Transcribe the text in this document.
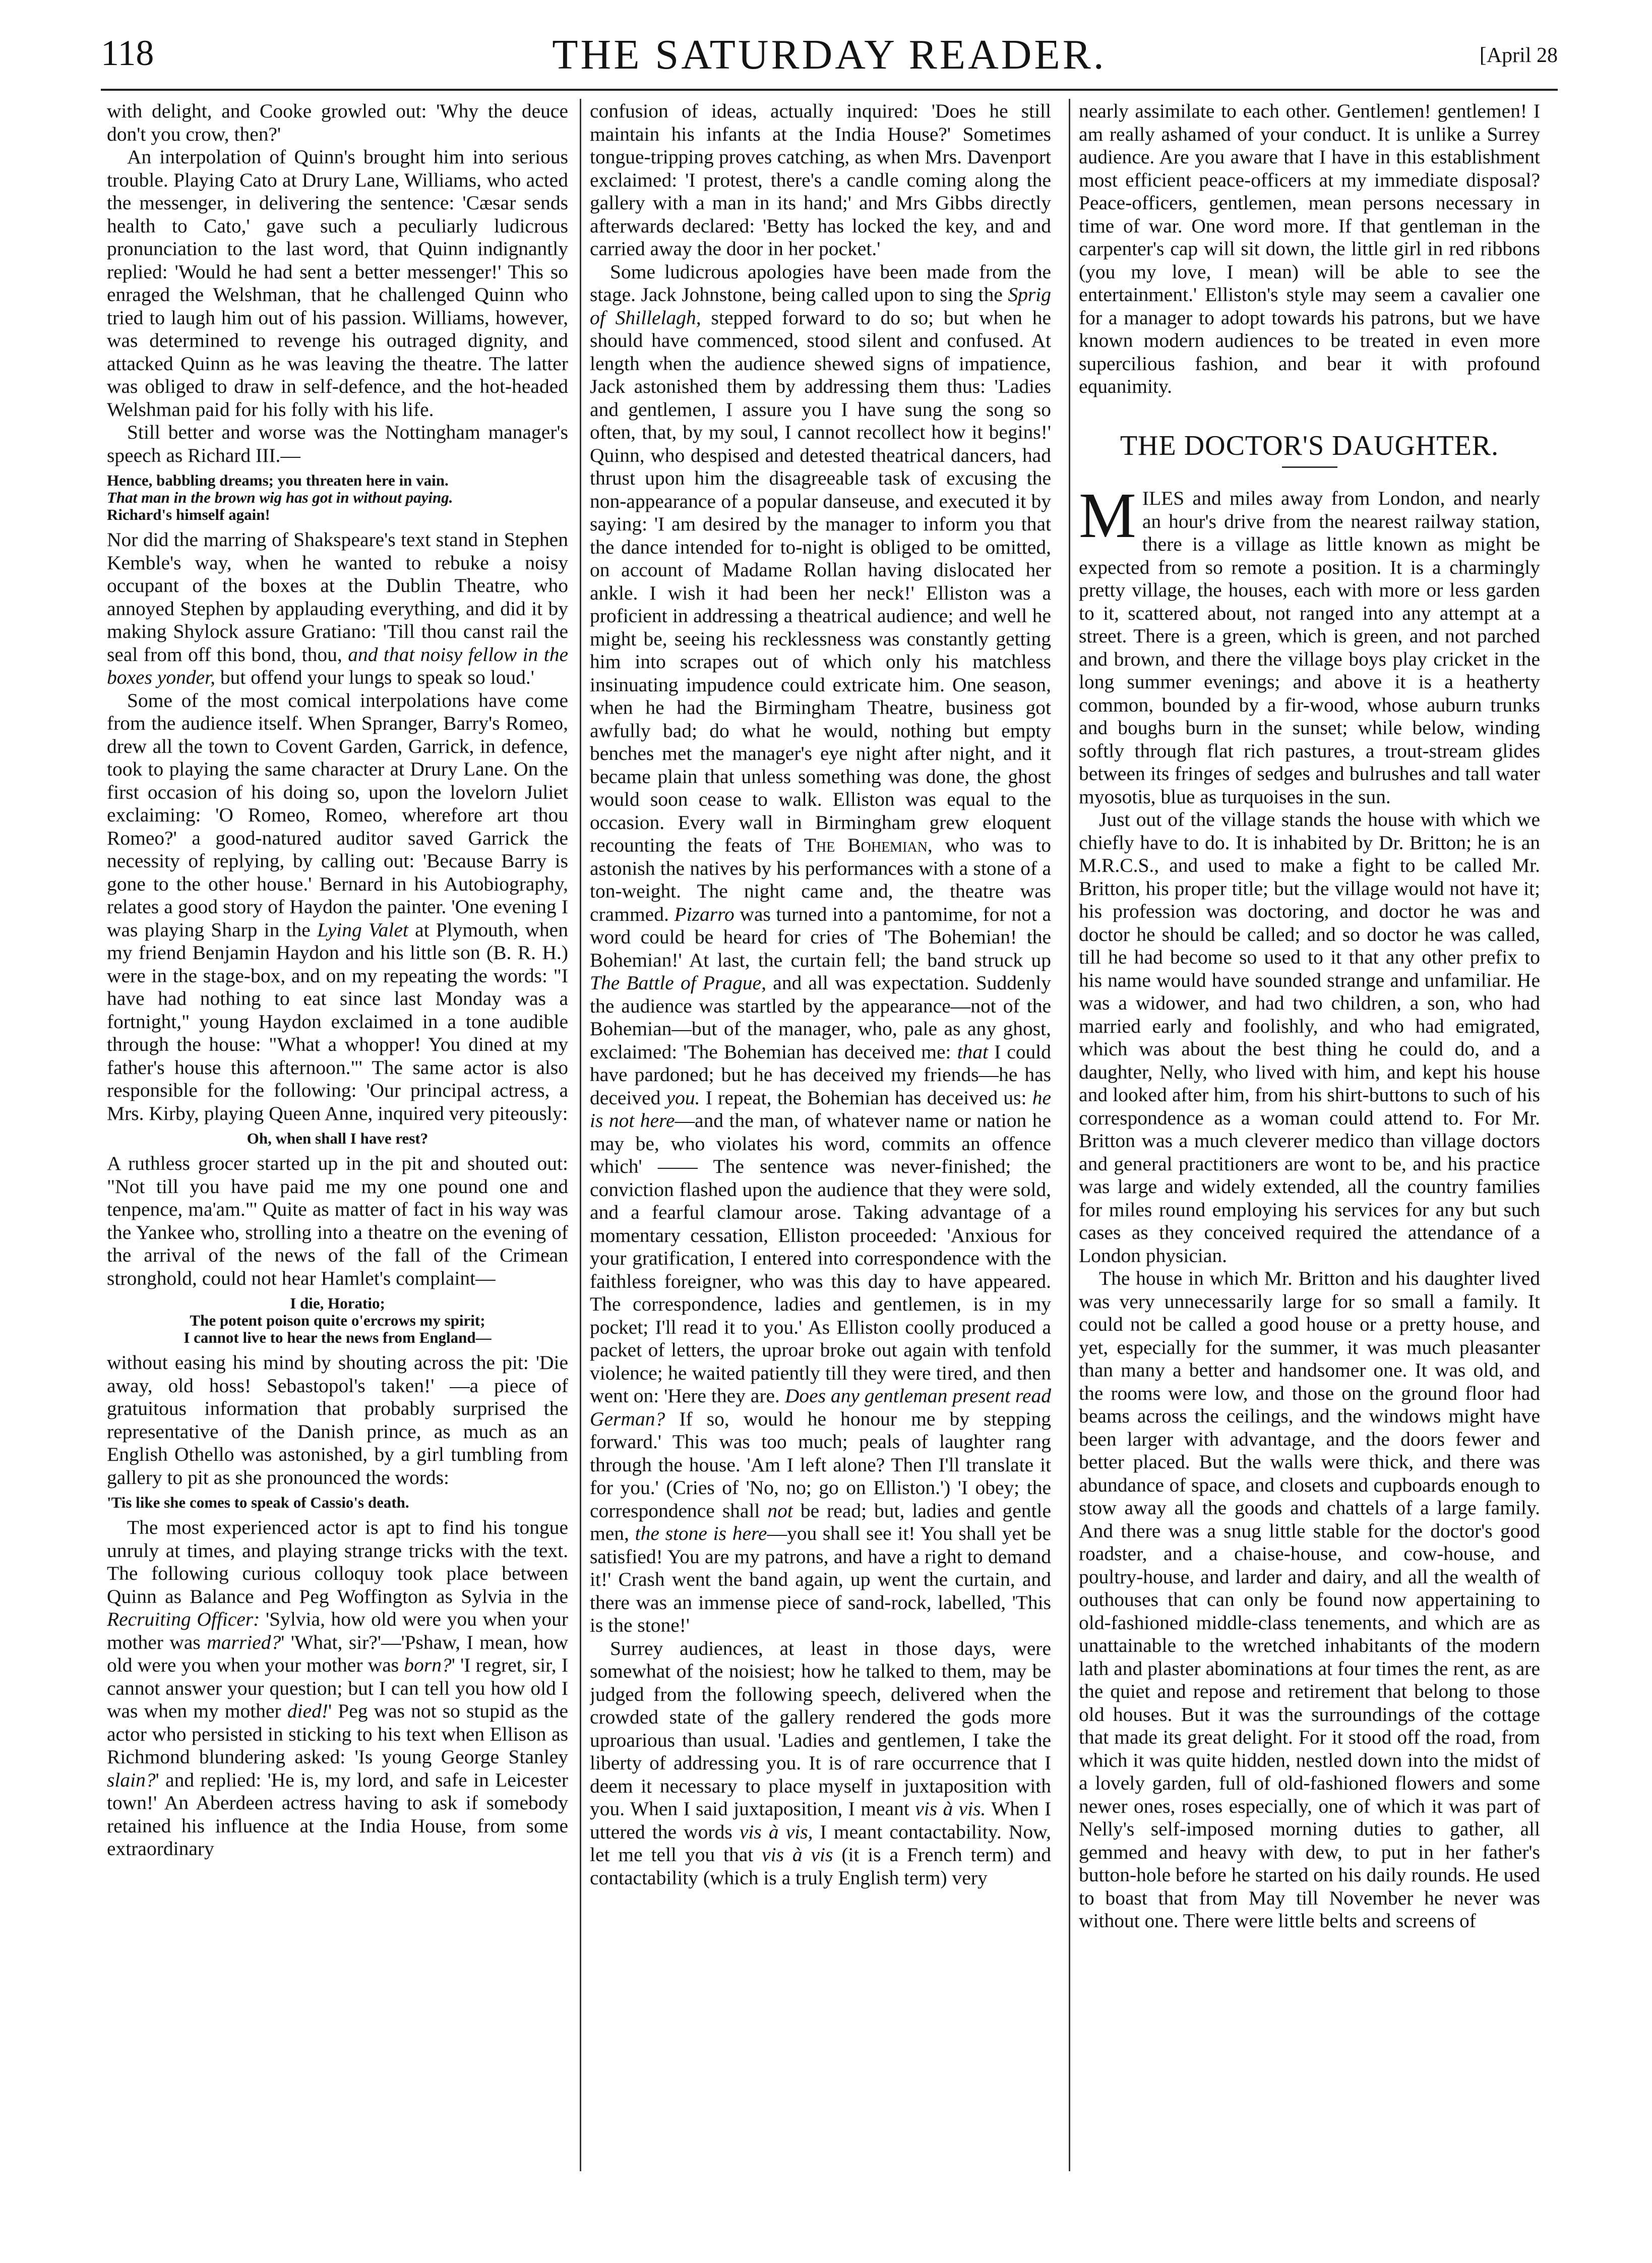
118	THE SATURDAY READER.	[April 28

with delight, and Cooke growled out: 'Why the deuce don't you crow, then?'

An interpolation of Quinn's brought him into serious trouble. Playing Cato at Drury Lane, Williams, who acted the messenger, in delivering the sentence: 'Cæsar sends health to Cato,' gave such a peculiarly ludicrous pronunciation to the last word, that Quinn indignantly replied: 'Would he had sent a better messenger!' This so enraged the Welshman, that he challenged Quinn who tried to laugh him out of his passion. Williams, however, was determined to revenge his outraged dignity, and attacked Quinn as he was leaving the theatre. The latter was obliged to draw in self-defence, and the hot-headed Welshman paid for his folly with his life.

Still better and worse was the Nottingham manager's speech as Richard III.—

Hence, babbling dreams; you threaten here in vain.
That man in the brown wig has got in without paying.
Richard's himself again!

Nor did the marring of Shakspeare's text stand in Stephen Kemble's way, when he wanted to rebuke a noisy occupant of the boxes at the Dublin Theatre, who annoyed Stephen by applauding everything, and did it by making Shylock assure Gratiano: 'Till thou canst rail the seal from off this bond, thou, and that noisy fellow in the boxes yonder, but offend your lungs to speak so loud.'

Some of the most comical interpolations have come from the audience itself. When Spranger, Barry's Romeo, drew all the town to Covent Garden, Garrick, in defence, took to playing the same character at Drury Lane. On the first occasion of his doing so, upon the lovelorn Juliet exclaiming: 'O Romeo, Romeo, wherefore art thou Romeo?' a good-natured auditor saved Garrick the necessity of replying, by calling out: 'Because Barry is gone to the other house.' Bernard in his Autobiography, relates a good story of Haydon the painter. 'One evening I was playing Sharp in the Lying Valet at Plymouth, when my friend Benjamin Haydon and his little son (B. R. H.) were in the stage-box, and on my repeating the words: "I have had nothing to eat since last Monday was a fortnight," young Haydon exclaimed in a tone audible through the house: "What a whopper! You dined at my father's house this afternoon."' The same actor is also responsible for the following: 'Our principal actress, a Mrs. Kirby, playing Queen Anne, inquired very piteously:

Oh, when shall I have rest?

A ruthless grocer started up in the pit and shouted out: "Not till you have paid me my one pound one and tenpence, ma'am."' Quite as matter of fact in his way was the Yankee who, strolling into a theatre on the evening of the arrival of the news of the fall of the Crimean stronghold, could not hear Hamlet's complaint—

I die, Horatio;
The potent poison quite o'ercrows my spirit;
I cannot live to hear the news from England—

without easing his mind by shouting across the pit: 'Die away, old hoss! Sebastopol's taken!' —a piece of gratuitous information that probably surprised the representative of the Danish prince, as much as an English Othello was astonished, by a girl tumbling from gallery to pit as she pronounced the words:

'Tis like she comes to speak of Cassio's death.

The most experienced actor is apt to find his tongue unruly at times, and playing strange tricks with the text. The following curious colloquy took place between Quinn as Balance and Peg Woffington as Sylvia in the Recruiting Officer: 'Sylvia, how old were you when your mother was married?' 'What, sir?'—'Pshaw, I mean, how old were you when your mother was born?' 'I regret, sir, I cannot answer your question; but I can tell you how old I was when my mother died!' Peg was not so stupid as the actor who persisted in sticking to his text when Ellison as Richmond blundering asked: 'Is young George Stanley slain?' and replied: 'He is, my lord, and safe in Leicester town!' An Aberdeen actress having to ask if somebody retained his influence at the India House, from some extraordinary

confusion of ideas, actually inquired: 'Does he still maintain his infants at the India House?' Sometimes tongue-tripping proves catching, as when Mrs. Davenport exclaimed: 'I protest, there's a candle coming along the gallery with a man in its hand;' and Mrs Gibbs directly afterwards declared: 'Betty has locked the key, and and carried away the door in her pocket.'

Some ludicrous apologies have been made from the stage. Jack Johnstone, being called upon to sing the Sprig of Shillelagh, stepped forward to do so; but when he should have commenced, stood silent and confused. At length when the audience shewed signs of impatience, Jack astonished them by addressing them thus: 'Ladies and gentlemen, I assure you I have sung the song so often, that, by my soul, I cannot recollect how it begins!' Quinn, who despised and detested theatrical dancers, had thrust upon him the disagreeable task of excusing the non-appearance of a popular danseuse, and executed it by saying: 'I am desired by the manager to inform you that the dance intended for to-night is obliged to be omitted, on account of Madame Rollan having dislocated her ankle. I wish it had been her neck!' Elliston was a proficient in addressing a theatrical audience; and well he might be, seeing his recklessness was constantly getting him into scrapes out of which only his matchless insinuating impudence could extricate him. One season, when he had the Birmingham Theatre, business got awfully bad; do what he would, nothing but empty benches met the manager's eye night after night, and it became plain that unless something was done, the ghost would soon cease to walk. Elliston was equal to the occasion. Every wall in Birmingham grew eloquent recounting the feats of The Bohemian, who was to astonish the natives by his performances with a stone of a ton-weight. The night came and, the theatre was crammed. Pizarro was turned into a pantomime, for not a word could be heard for cries of 'The Bohemian! the Bohemian!' At last, the curtain fell; the band struck up The Battle of Prague, and all was expectation. Suddenly the audience was startled by the appearance—not of the Bohemian—but of the manager, who, pale as any ghost, exclaimed: 'The Bohemian has deceived me: that I could have pardoned; but he has deceived my friends—he has deceived you. I repeat, the Bohemian has deceived us: he is not here—and the man, of whatever name or nation he may be, who violates his word, commits an offence which' —— The sentence was never-finished; the conviction flashed upon the audience that they were sold, and a fearful clamour arose. Taking advantage of a momentary cessation, Elliston proceeded: 'Anxious for your gratification, I entered into correspondence with the faithless foreigner, who was this day to have appeared. The correspondence, ladies and gentlemen, is in my pocket; I'll read it to you.' As Elliston coolly produced a packet of letters, the uproar broke out again with tenfold violence; he waited patiently till they were tired, and then went on: 'Here they are. Does any gentleman present read German? If so, would he honour me by stepping forward.' This was too much; peals of laughter rang through the house. 'Am I left alone? Then I'll translate it for you.' (Cries of 'No, no; go on Elliston.') 'I obey; the correspondence shall not be read; but, ladies and gentle men, the stone is here—you shall see it! You shall yet be satisfied! You are my patrons, and have a right to demand it!' Crash went the band again, up went the curtain, and there was an immense piece of sand-rock, labelled, 'This is the stone!'

Surrey audiences, at least in those days, were somewhat of the noisiest; how he talked to them, may be judged from the following speech, delivered when the crowded state of the gallery rendered the gods more uproarious than usual. 'Ladies and gentlemen, I take the liberty of addressing you. It is of rare occurrence that I deem it necessary to place myself in juxtaposition with you. When I said juxtaposition, I meant vis à vis. When I uttered the words vis à vis, I meant contactability. Now, let me tell you that vis à vis (it is a French term) and contactability (which is a truly English term) very

nearly assimilate to each other. Gentlemen! gentlemen! I am really ashamed of your conduct. It is unlike a Surrey audience. Are you aware that I have in this establishment most efficient peace-officers at my immediate disposal? Peace-officers, gentlemen, mean persons necessary in time of war. One word more. If that gentleman in the carpenter's cap will sit down, the little girl in red ribbons (you my love, I mean) will be able to see the entertainment.' Elliston's style may seem a cavalier one for a manager to adopt towards his patrons, but we have known modern audiences to be treated in even more supercilious fashion, and bear it with profound equanimity.

THE DOCTOR'S DAUGHTER.

MILES and miles away from London, and nearly an hour's drive from the nearest railway station, there is a village as little known as might be expected from so remote a position. It is a charmingly pretty village, the houses, each with more or less garden to it, scattered about, not ranged into any attempt at a street. There is a green, which is green, and not parched and brown, and there the village boys play cricket in the long summer evenings; and above it is a heatherty common, bounded by a fir-wood, whose auburn trunks and boughs burn in the sunset; while below, winding softly through flat rich pastures, a trout-stream glides between its fringes of sedges and bulrushes and tall water myosotis, blue as turquoises in the sun.

Just out of the village stands the house with which we chiefly have to do. It is inhabited by Dr. Britton; he is an M.R.C.S., and used to make a fight to be called Mr. Britton, his proper title; but the village would not have it; his profession was doctoring, and doctor he was and doctor he should be called; and so doctor he was called, till he had become so used to it that any other prefix to his name would have sounded strange and unfamiliar. He was a widower, and had two children, a son, who had married early and foolishly, and who had emigrated, which was about the best thing he could do, and a daughter, Nelly, who lived with him, and kept his house and looked after him, from his shirt-buttons to such of his correspondence as a woman could attend to. For Mr. Britton was a much cleverer medico than village doctors and general practitioners are wont to be, and his practice was large and widely extended, all the country families for miles round employing his services for any but such cases as they conceived required the attendance of a London physician.

The house in which Mr. Britton and his daughter lived was very unnecessarily large for so small a family. It could not be called a good house or a pretty house, and yet, especially for the summer, it was much pleasanter than many a better and handsomer one. It was old, and the rooms were low, and those on the ground floor had beams across the ceilings, and the windows might have been larger with advantage, and the doors fewer and better placed. But the walls were thick, and there was abundance of space, and closets and cupboards enough to stow away all the goods and chattels of a large family. And there was a snug little stable for the doctor's good roadster, and a chaise-house, and cow-house, and poultry-house, and larder and dairy, and all the wealth of outhouses that can only be found now appertaining to old-fashioned middle-class tenements, and which are as unattainable to the wretched inhabitants of the modern lath and plaster abominations at four times the rent, as are the quiet and repose and retirement that belong to those old houses. But it was the surroundings of the cottage that made its great delight. For it stood off the road, from which it was quite hidden, nestled down into the midst of a lovely garden, full of old-fashioned flowers and some newer ones, roses especially, one of which it was part of Nelly's self-imposed morning duties to gather, all gemmed and heavy with dew, to put in her father's button-hole before he started on his daily rounds. He used to boast that from May till November he never was without one. There were little belts and screens of
